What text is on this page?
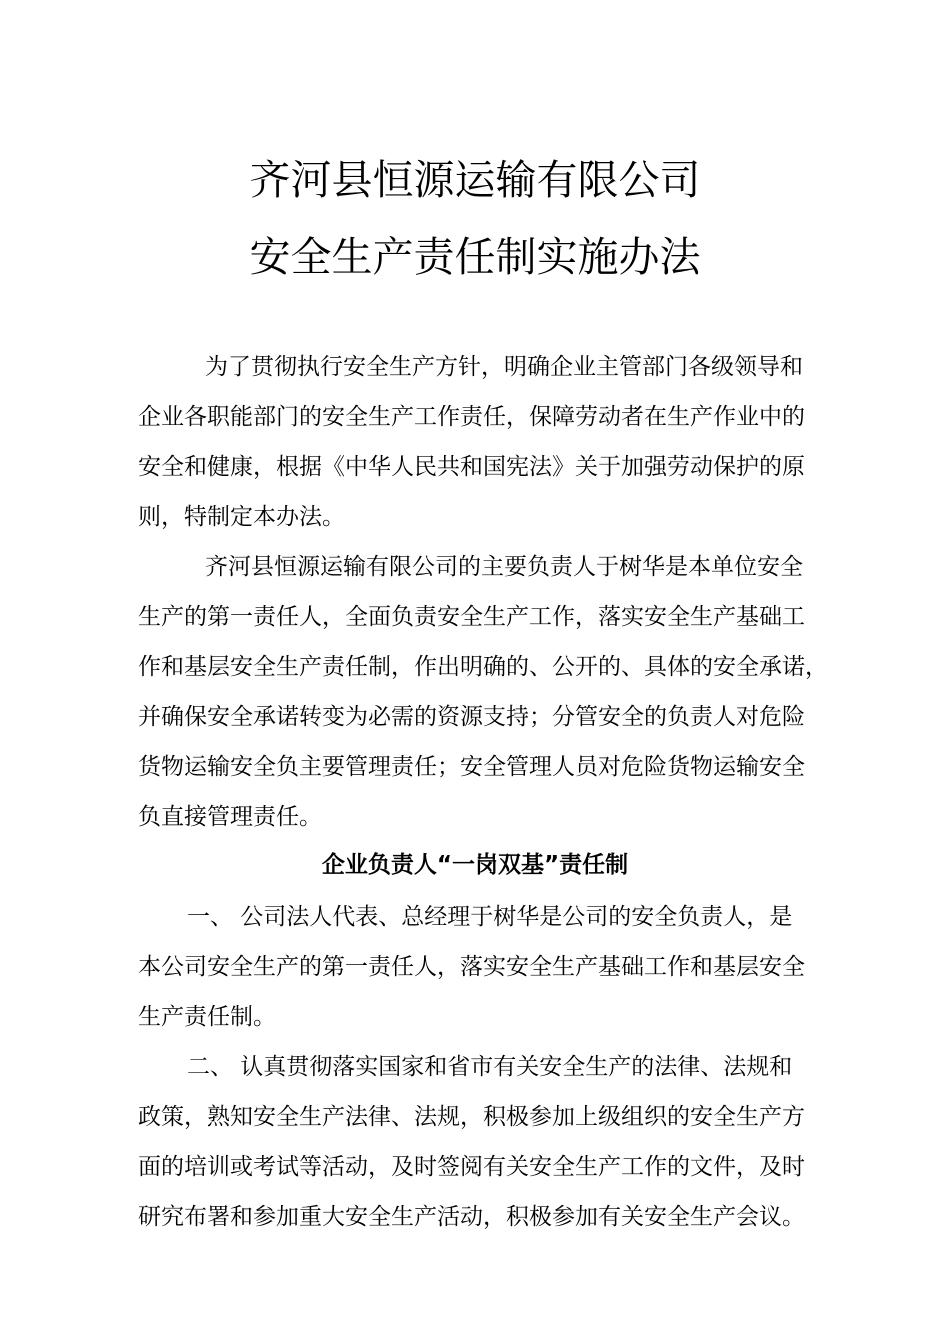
齐河县恒源运输有限公司
安全生产责任制实施办法

为了贯彻执行安全生产方针，明确企业主管部门各级领导和

企业各职能部门的安全生产工作责任，保障劳动者在生产作业中的

安全和健康，根据《中华人民共和国宪法》关于加强劳动保护的原

则，特制定本办法。

齐河县恒源运输有限公司的主要负责人于树华是本单位安全

生产的第一责任人，全面负责安全生产工作，落实安全生产基础工

作和基层安全生产责任制，作出明确的、公开的、具体的安全承诺，

并确保安全承诺转变为必需的资源支持；分管安全的负责人对危险

货物运输安全负主要管理责任；安全管理人员对危险货物运输安全

负直接管理责任。

企业负责人“一岗双基”责任制

一、 公司法人代表、总经理于树华是公司的安全负责人，是

本公司安全生产的第一责任人，落实安全生产基础工作和基层安全

生产责任制。

二、 认真贯彻落实国家和省市有关安全生产的法律、法规和

政策，熟知安全生产法律、法规，积极参加上级组织的安全生产方

面的培训或考试等活动，及时签阅有关安全生产工作的文件，及时

研究布署和参加重大安全生产活动，积极参加有关安全生产会议。
